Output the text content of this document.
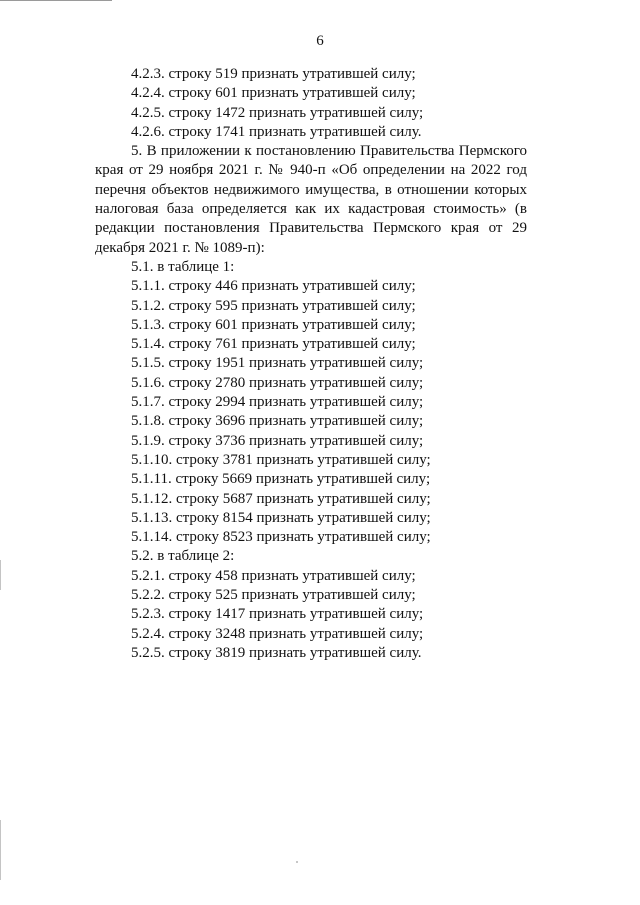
6
4.2.3. строку 519 признать утратившей силу;
4.2.4. строку 601 признать утратившей силу;
4.2.5. строку 1472 признать утратившей силу;
4.2.6. строку 1741 признать утратившей силу.
5. В приложении к постановлению Правительства Пермского края от 29 ноября 2021 г. № 940-п «Об определении на 2022 год перечня объектов недвижимого имущества, в отношении которых налоговая база определяется как их кадастровая стоимость» (в редакции постановления Правительства Пермского края от 29 декабря 2021 г. № 1089-п):
5.1. в таблице 1:
5.1.1. строку 446 признать утратившей силу;
5.1.2. строку 595 признать утратившей силу;
5.1.3. строку 601 признать утратившей силу;
5.1.4. строку 761 признать утратившей силу;
5.1.5. строку 1951 признать утратившей силу;
5.1.6. строку 2780 признать утратившей силу;
5.1.7. строку 2994 признать утратившей силу;
5.1.8. строку 3696 признать утратившей силу;
5.1.9. строку 3736 признать утратившей силу;
5.1.10. строку 3781 признать утратившей силу;
5.1.11. строку 5669 признать утратившей силу;
5.1.12. строку 5687 признать утратившей силу;
5.1.13. строку 8154 признать утратившей силу;
5.1.14. строку 8523 признать утратившей силу;
5.2. в таблице 2:
5.2.1. строку 458 признать утратившей силу;
5.2.2. строку 525 признать утратившей силу;
5.2.3. строку 1417 признать утратившей силу;
5.2.4. строку 3248 признать утратившей силу;
5.2.5. строку 3819 признать утратившей силу.
